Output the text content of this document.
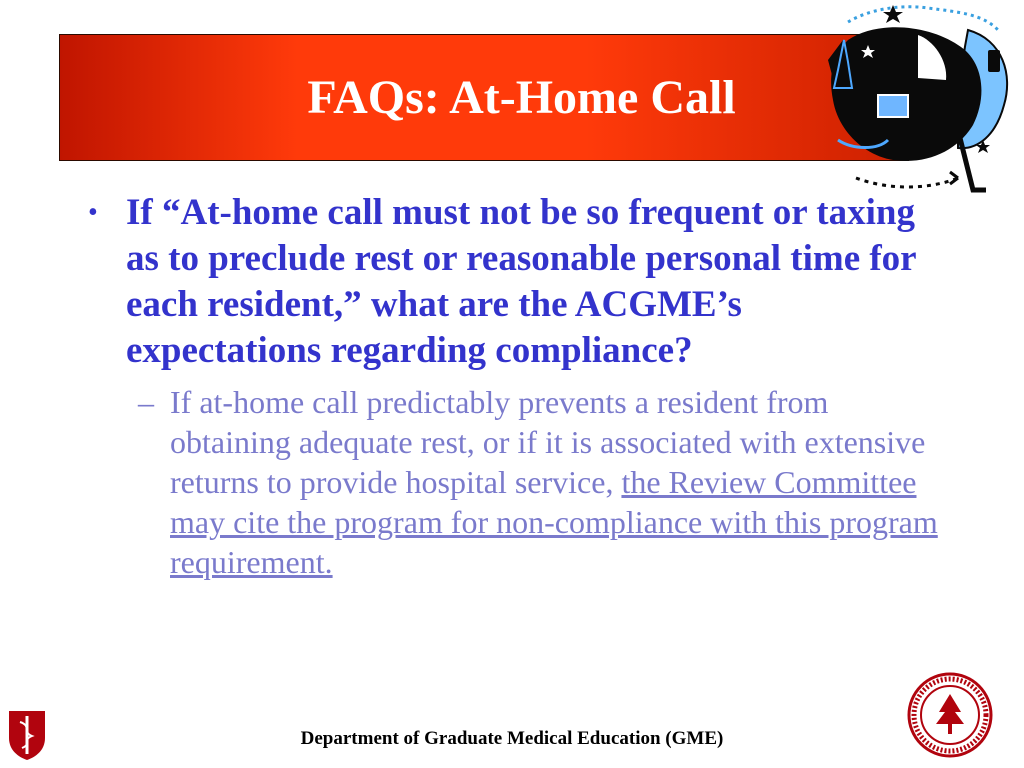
FAQs: At-Home Call
• If “At-home call must not be so frequent or taxing as to preclude rest or reasonable personal time for each resident,” what are the ACGME’s expectations regarding compliance?
– If at-home call predictably prevents a resident from obtaining adequate rest, or if it is associated with extensive returns to provide hospital service, the Review Committee may cite the program for non-compliance with this program requirement.
Department of Graduate Medical Education (GME)
